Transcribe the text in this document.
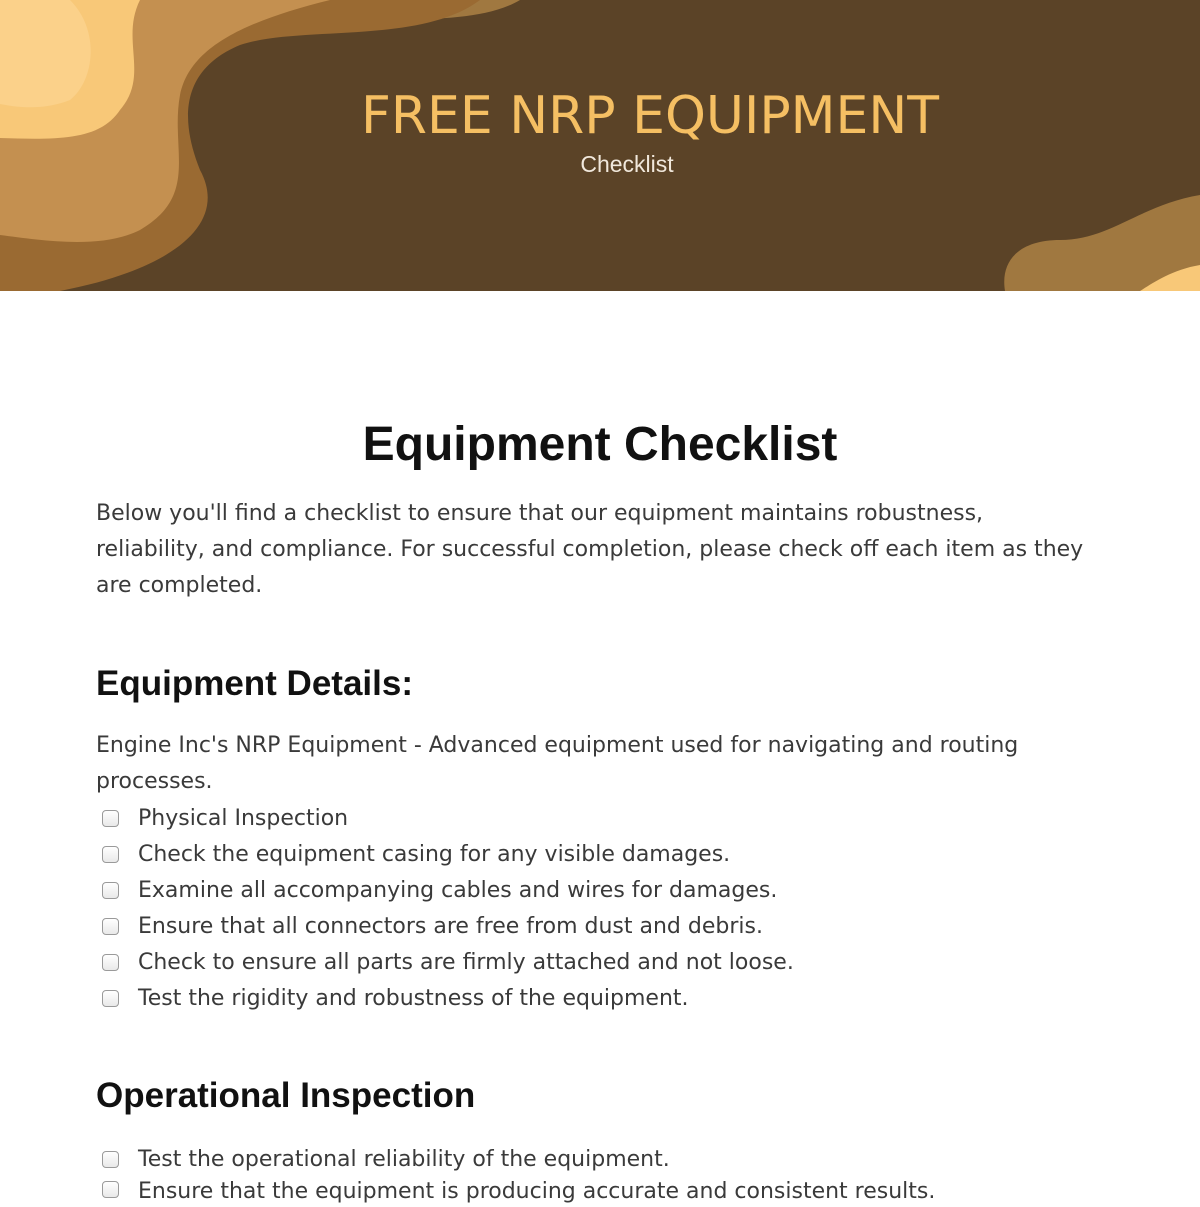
FREE NRP EQUIPMENT

Checklist

Equipment Checklist

Below you'll find a checklist to ensure that our equipment maintains robustness, reliability, and compliance. For successful completion, please check off each item as they are completed.

Equipment Details:

Engine Inc's NRP Equipment - Advanced equipment used for navigating and routing processes.

Physical Inspection
Check the equipment casing for any visible damages.
Examine all accompanying cables and wires for damages.
Ensure that all connectors are free from dust and debris.
Check to ensure all parts are firmly attached and not loose.
Test the rigidity and robustness of the equipment.
Operational Inspection
Test the operational reliability of the equipment.
Ensure that the equipment is producing accurate and consistent results.
